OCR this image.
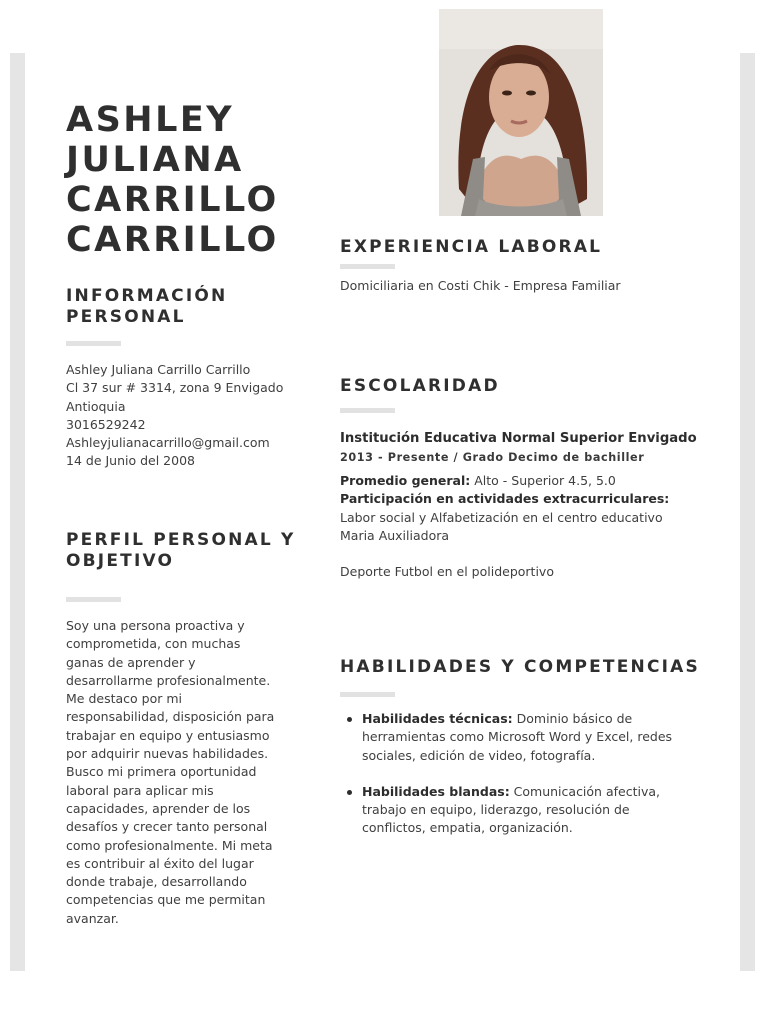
ASHLEY
JULIANA
CARRILLO
CARRILLO
INFORMACIÓN
PERSONAL
Ashley Juliana Carrillo Carrillo
Cl 37 sur # 3314, zona 9 Envigado
Antioquia
3016529242
Ashleyjulianacarrillo@gmail.com
14 de Junio del 2008
PERFIL PERSONAL Y
OBJETIVO
Soy una persona proactiva y
comprometida, con muchas
ganas de aprender y
desarrollarme profesionalmente.
Me destaco por mi
responsabilidad, disposición para
trabajar en equipo y entusiasmo
por adquirir nuevas habilidades.
Busco mi primera oportunidad
laboral para aplicar mis
capacidades, aprender de los
desafíos y crecer tanto personal
como profesionalmente. Mi meta
es contribuir al éxito del lugar
donde trabaje, desarrollando
competencias que me permitan
avanzar.
EXPERIENCIA LABORAL
Domiciliaria en Costi Chik - Empresa Familiar
ESCOLARIDAD
Institución Educativa Normal Superior Envigado
2013 - Presente / Grado Decimo de bachiller
Promedio general: Alto - Superior 4.5, 5.0
Participación en actividades extracurriculares:
Labor social y Alfabetización en el centro educativo
Maria Auxiliadora
Deporte Futbol en el polideportivo
HABILIDADES Y COMPETENCIAS
Habilidades técnicas: Dominio básico de
herramientas como Microsoft Word y Excel, redes
sociales, edición de video, fotografía.
Habilidades blandas: Comunicación afectiva,
trabajo en equipo, liderazgo, resolución de
conflictos, empatia, organización.
